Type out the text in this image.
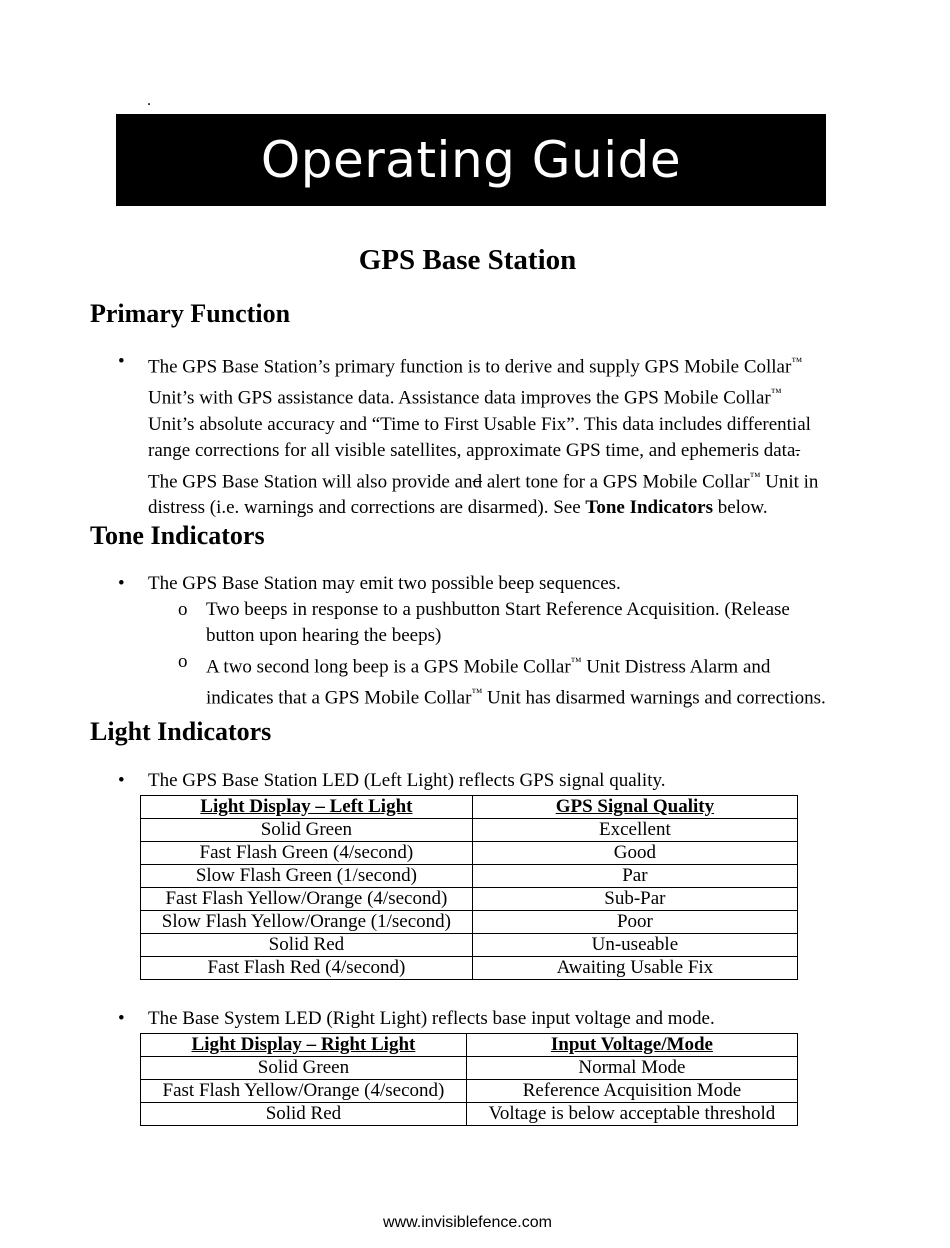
.
Operating Guide
GPS Base Station
Primary Function
• The GPS Base Station’s primary function is to derive and supply GPS Mobile Collar™
Unit’s with GPS assistance data. Assistance data improves the GPS Mobile Collar™
Unit’s absolute accuracy and “Time to First Usable Fix”. This data includes differential
range corrections for all visible satellites, approximate GPS time, and ephemeris data.
The GPS Base Station will also provide and alert tone for a GPS Mobile Collar™ Unit in
distress (i.e. warnings and corrections are disarmed). See Tone Indicators below.
Tone Indicators
• The GPS Base Station may emit two possible beep sequences.
o Two beeps in response to a pushbutton Start Reference Acquisition. (Release
button upon hearing the beeps)
o A two second long beep is a GPS Mobile Collar™ Unit Distress Alarm and
indicates that a GPS Mobile Collar™ Unit has disarmed warnings and corrections.
Light Indicators
• The GPS Base Station LED (Left Light) reflects GPS signal quality.
Light Display – Left Light	GPS Signal Quality
Solid Green	Excellent
Fast Flash Green (4/second)	Good
Slow Flash Green (1/second)	Par
Fast Flash Yellow/Orange (4/second)	Sub-Par
Slow Flash Yellow/Orange (1/second)	Poor
Solid Red	Un-useable
Fast Flash Red (4/second)	Awaiting Usable Fix
• The Base System LED (Right Light) reflects base input voltage and mode.
Light Display – Right Light	Input Voltage/Mode
Solid Green	Normal Mode
Fast Flash Yellow/Orange (4/second)	Reference Acquisition Mode
Solid Red	Voltage is below acceptable threshold
www.invisiblefence.com
